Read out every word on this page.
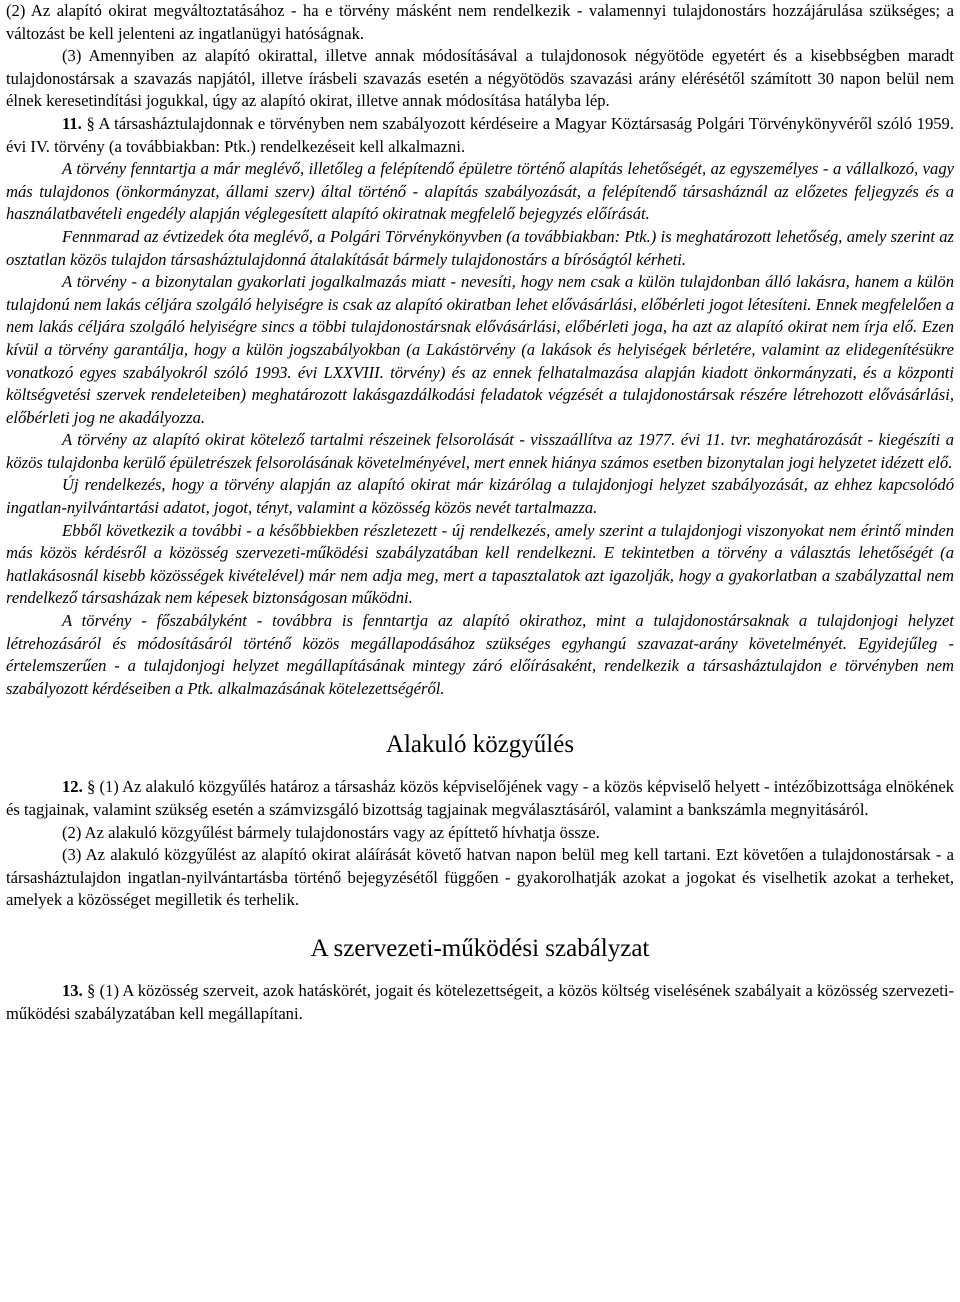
(2) Az alapító okirat megváltoztatásához - ha e törvény másként nem rendelkezik - valamennyi tulajdonostárs hozzájárulása szükséges; a változást be kell jelenteni az ingatlanügyi hatóságnak.

(3) Amennyiben az alapító okirattal, illetve annak módosításával a tulajdonosok négyötöde egyetért és a kisebbségben maradt tulajdonostársak a szavazás napjától, illetve írásbeli szavazás esetén a négyötödös szavazási arány elérésétől számított 30 napon belül nem élnek keresetindítási jogukkal, úgy az alapító okirat, illetve annak módosítása hatályba lép.

11. § A társasháztulajdonnak e törvényben nem szabályozott kérdéseire a Magyar Köztársaság Polgári Törvénykönyvéről szóló 1959. évi IV. törvény (a továbbiakban: Ptk.) rendelkezéseit kell alkalmazni.

A törvény fenntartja a már meglévő, illetőleg a felépítendő épületre történő alapítás lehetőségét, az egyszemélyes - a vállalkozó, vagy más tulajdonos (önkormányzat, állami szerv) által történő - alapítás szabályozását, a felépítendő társasháznál az előzetes feljegyzés és a használatbavételi engedély alapján véglegesített alapító okiratnak megfelelő bejegyzés előírását.

Fennmarad az évtizedek óta meglévő, a Polgári Törvénykönyvben (a továbbiakban: Ptk.) is meghatározott lehetőség, amely szerint az osztatlan közös tulajdon társasháztulajdonná átalakítását bármely tulajdonostárs a bíróságtól kérheti.

A törvény - a bizonytalan gyakorlati jogalkalmazás miatt - nevesíti, hogy nem csak a külön tulajdonban álló lakásra, hanem a külön tulajdonú nem lakás céljára szolgáló helyiségre is csak az alapító okiratban lehet elővásárlási, előbérleti jogot létesíteni. Ennek megfelelően a nem lakás céljára szolgáló helyiségre sincs a többi tulajdonostársnak elővásárlási, előbérleti joga, ha azt az alapító okirat nem írja elő. Ezen kívül a törvény garantálja, hogy a külön jogszabályokban (a Lakástörvény (a lakások és helyiségek bérletére, valamint az elidegenítésükre vonatkozó egyes szabályokról szóló 1993. évi LXXVIII. törvény) és az ennek felhatalmazása alapján kiadott önkormányzati, és a központi költségvetési szervek rendeleteiben) meghatározott lakásgazdálkodási feladatok végzését a tulajdonostársak részére létrehozott elővásárlási, előbérleti jog ne akadályozza.

A törvény az alapító okirat kötelező tartalmi részeinek felsorolását - visszaállítva az 1977. évi 11. tvr. meghatározását - kiegészíti a közös tulajdonba kerülő épületrészek felsorolásának követelményével, mert ennek hiánya számos esetben bizonytalan jogi helyzetet idézett elő.

Új rendelkezés, hogy a törvény alapján az alapító okirat már kizárólag a tulajdonjogi helyzet szabályozását, az ehhez kapcsolódó ingatlan-nyilvántartási adatot, jogot, tényt, valamint a közösség közös nevét tartalmazza.

Ebből következik a további - a későbbiekben részletezett - új rendelkezés, amely szerint a tulajdonjogi viszonyokat nem érintő minden más közös kérdésről a közösség szervezeti-működési szabályzatában kell rendelkezni. E tekintetben a törvény a választás lehetőségét (a hatlakásosnál kisebb közösségek kivételével) már nem adja meg, mert a tapasztalatok azt igazolják, hogy a gyakorlatban a szabályzattal nem rendelkező társasházak nem képesek biztonságosan működni.

A törvény - főszabályként - továbbra is fenntartja az alapító okirathoz, mint a tulajdonostársaknak a tulajdonjogi helyzet létrehozásáról és módosításáról történő közös megállapodásához szükséges egyhangú szavazat-arány követelményét. Egyidejűleg - értelemszerűen - a tulajdonjogi helyzet megállapításának mintegy záró előírásaként, rendelkezik a társasháztulajdon e törvényben nem szabályozott kérdéseiben a Ptk. alkalmazásának kötelezettségéről.

Alakuló közgyűlés

12. § (1) Az alakuló közgyűlés határoz a társasház közös képviselőjének vagy - a közös képviselő helyett - intézőbizottsága elnökének és tagjainak, valamint szükség esetén a számvizsgáló bizottság tagjainak megválasztásáról, valamint a bankszámla megnyitásáról.

(2) Az alakuló közgyűlést bármely tulajdonostárs vagy az építtető hívhatja össze.

(3) Az alakuló közgyűlést az alapító okirat aláírását követő hatvan napon belül meg kell tartani. Ezt követően a tulajdonostársak - a társasháztulajdon ingatlan-nyilvántartásba történő bejegyzésétől függően - gyakorolhatják azokat a jogokat és viselhetik azokat a terheket, amelyek a közösséget megilletik és terhelik.

A szervezeti-működési szabályzat

13. § (1) A közösség szerveit, azok hatáskörét, jogait és kötelezettségeit, a közös költség viselésének szabályait a közösség szervezeti-működési szabályzatában kell megállapítani.
